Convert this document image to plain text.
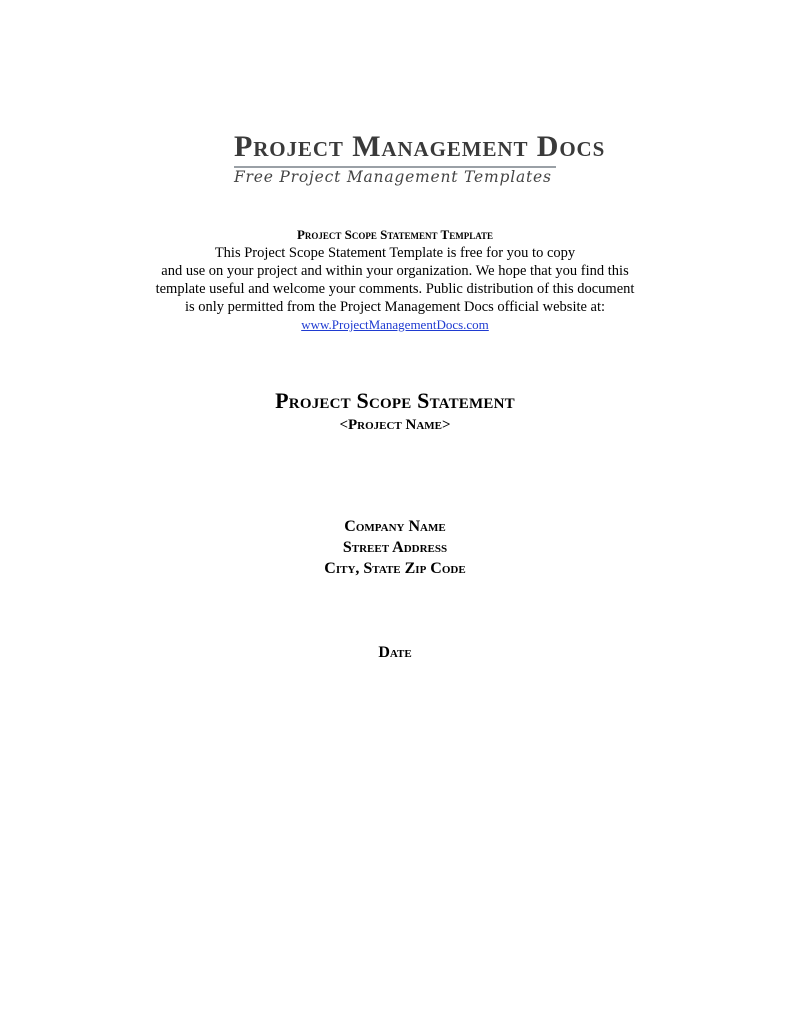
Project Management Docs
Free Project Management Templates
Project Scope Statement Template
This Project Scope Statement Template is free for you to copy
and use on your project and within your organization. We hope that you find this
template useful and welcome your comments. Public distribution of this document
is only permitted from the Project Management Docs official website at:
www.ProjectManagementDocs.com
Project Scope Statement
<Project Name>
Company Name
Street Address
City, State Zip Code
Date
